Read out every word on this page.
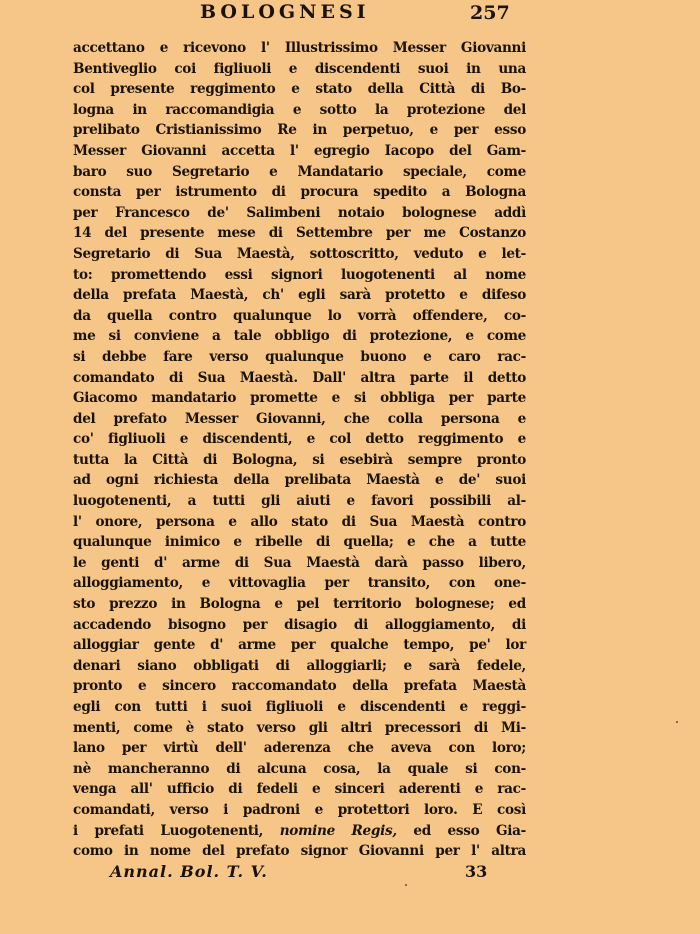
BOLOGNESI	257
accettano e ricevono l' Illustrissimo Messer Giovanni
Bentiveglio coi figliuoli e discendenti suoi in una
col presente reggimento e stato della Città di Bo-
logna in raccomandigia e sotto la protezione del
prelibato Cristianissimo Re in perpetuo, e per esso
Messer Giovanni accetta l' egregio Iacopo del Gam-
baro suo Segretario e Mandatario speciale, come
consta per istrumento di procura spedito a Bologna
per Francesco de' Salimbeni notaio bolognese addì
14 del presente mese di Settembre per me Costanzo
Segretario di Sua Maestà, sottoscritto, veduto e let-
to: promettendo essi signori luogotenenti al nome
della prefata Maestà, ch' egli sarà protetto e difeso
da quella contro qualunque lo vorrà offendere, co-
me si conviene a tale obbligo di protezione, e come
si debbe fare verso qualunque buono e caro rac-
comandato di Sua Maestà. Dall' altra parte il detto
Giacomo mandatario promette e si obbliga per parte
del prefato Messer Giovanni, che colla persona e
co' figliuoli e discendenti, e col detto reggimento e
tutta la Città di Bologna, si esebirà sempre pronto
ad ogni richiesta della prelibata Maestà e de' suoi
luogotenenti, a tutti gli aiuti e favori possibili al-
l' onore, persona e allo stato di Sua Maestà contro
qualunque inimico e ribelle di quella; e che a tutte
le genti d' arme di Sua Maestà darà passo libero,
alloggiamento, e vittovaglia per transito, con one-
sto prezzo in Bologna e pel territorio bolognese; ed
accadendo bisogno per disagio di alloggiamento, di
alloggiar gente d' arme per qualche tempo, pe' lor
denari siano obbligati di alloggiarli; e sarà fedele,
pronto e sincero raccomandato della prefata Maestà
egli con tutti i suoi figliuoli e discendenti e reggi-
menti, come è stato verso gli altri precessori di Mi-
lano per virtù dell' aderenza che aveva con loro;
nè mancheranno di alcuna cosa, la quale si con-
venga all' ufficio di fedeli e sinceri aderenti e rac-
comandati, verso i padroni e protettori loro. E così
i prefati Luogotenenti, nomine Regis, ed esso Gia-
como in nome del prefato signor Giovanni per l' altra
Annal. Bol. T. V.	33
